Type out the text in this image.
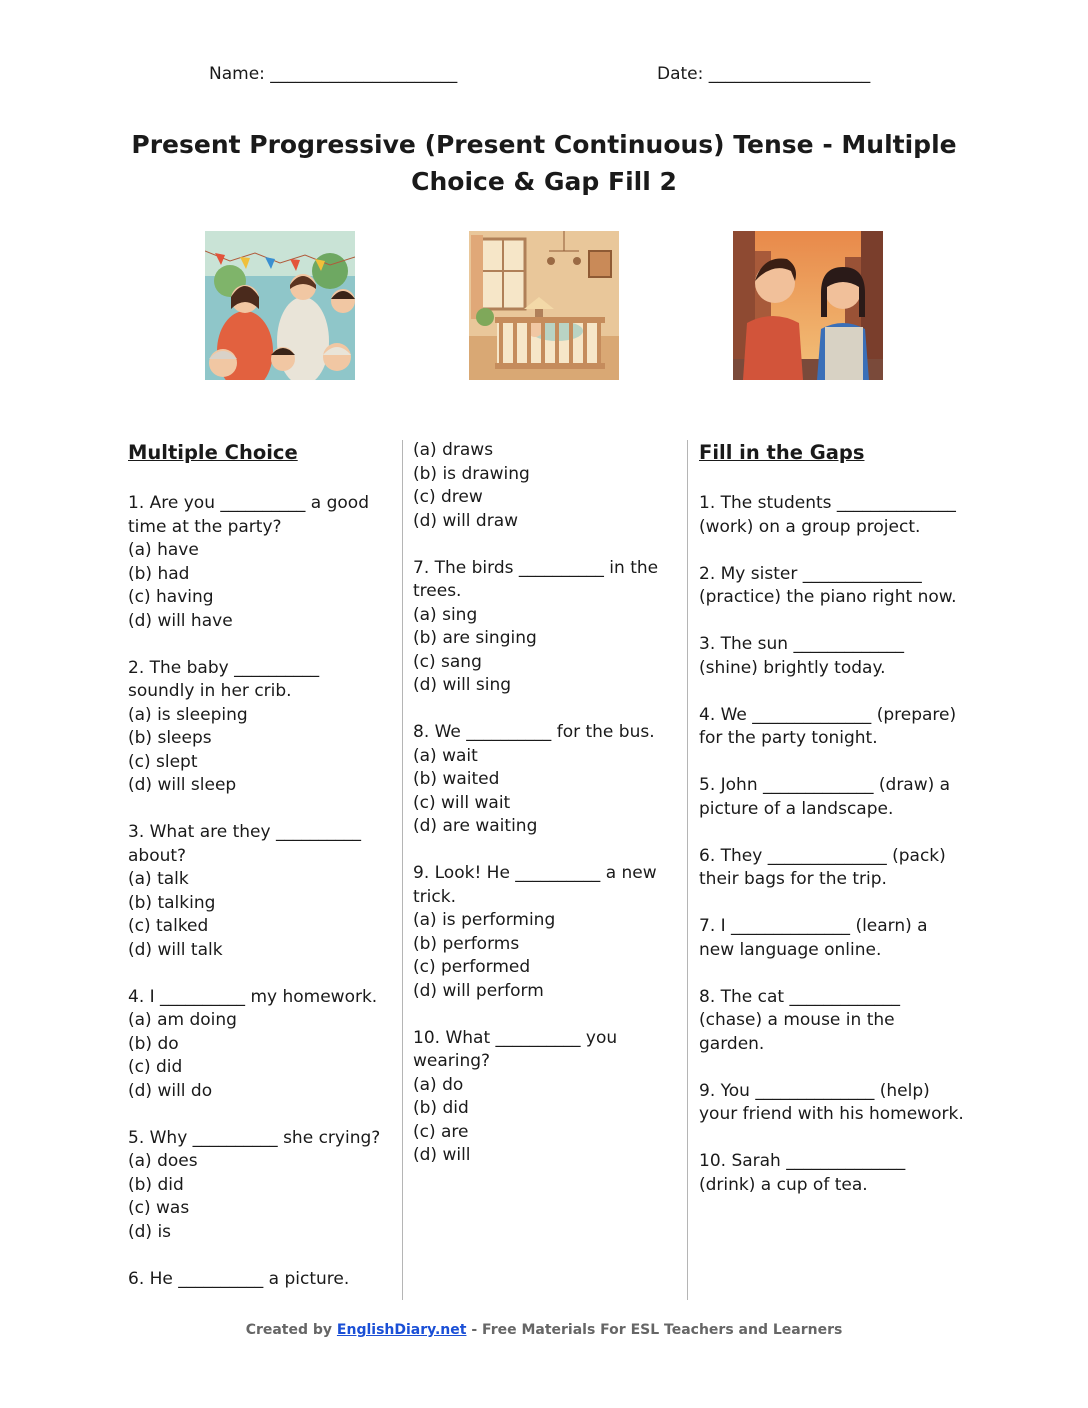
Name: ______________________	Date: ___________________
Present Progressive (Present Continuous) Tense - Multiple
Choice & Gap Fill 2
Multiple Choice
1. Are you __________ a good time at the party?
(a) have
(b) had
(c) having
(d) will have
2. The baby __________ soundly in her crib.
(a) is sleeping
(b) sleeps
(c) slept
(d) will sleep
3. What are they __________ about?
(a) talk
(b) talking
(c) talked
(d) will talk
4. I __________ my homework.
(a) am doing
(b) do
(c) did
(d) will do
5. Why __________ she crying?
(a) does
(b) did
(c) was
(d) is
6. He __________ a picture.
(a) draws
(b) is drawing
(c) drew
(d) will draw
7. The birds __________ in the trees.
(a) sing
(b) are singing
(c) sang
(d) will sing
8. We __________ for the bus.
(a) wait
(b) waited
(c) will wait
(d) are waiting
9. Look! He __________ a new trick.
(a) is performing
(b) performs
(c) performed
(d) will perform
10. What __________ you wearing?
(a) do
(b) did
(c) are
(d) will
Fill in the Gaps
1. The students ______________ (work) on a group project.
2. My sister ______________ (practice) the piano right now.
3. The sun _____________ (shine) brightly today.
4. We ______________ (prepare) for the party tonight.
5. John _____________ (draw) a picture of a landscape.
6. They ______________ (pack) their bags for the trip.
7. I ______________ (learn) a new language online.
8. The cat _____________ (chase) a mouse in the garden.
9. You ______________ (help) your friend with his homework.
10. Sarah ______________ (drink) a cup of tea.
Created by EnglishDiary.net - Free Materials For ESL Teachers and Learners
